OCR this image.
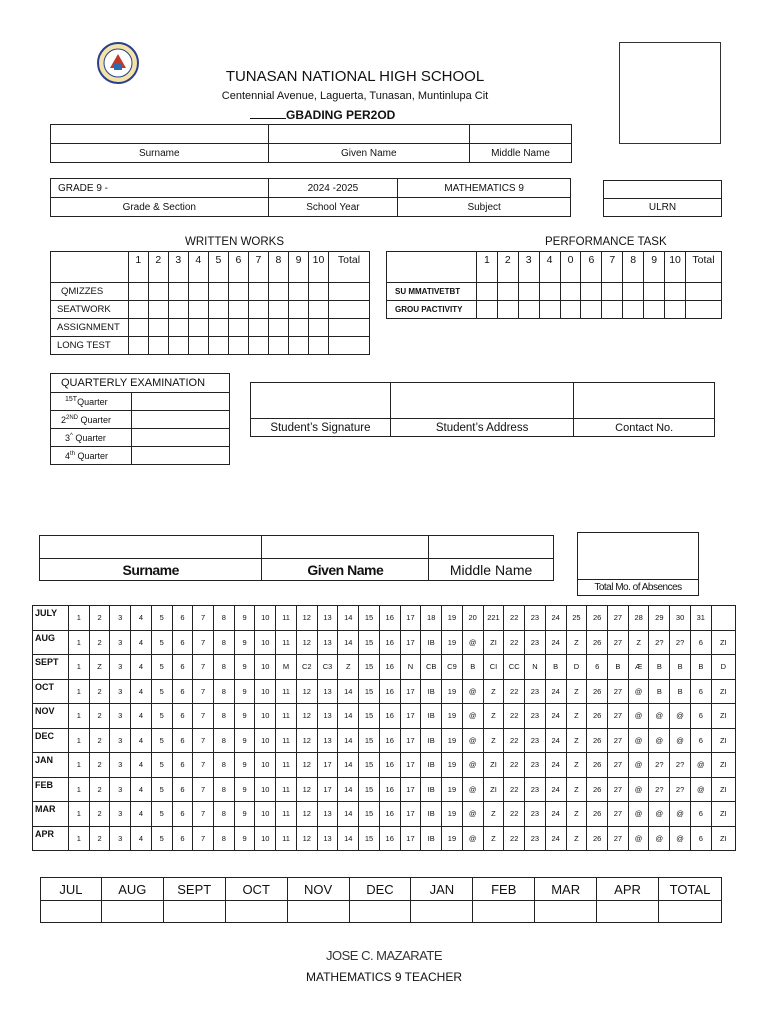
TUNASAN NATIONAL HIGH SCHOOL
Centennial Avenue, Laguerta, Tunasan, Muntinlupa Cit
GBADING PER2OD

Surname	Given Name	Middle Name
GRADE 9 -	2024 -2025	MATHEMATICS 9
Grade & Section	School Year	Subject	ULRN
WRITTEN WORKS
	1	2	3	4	5	6	7	8	9	10	Total
QMIZZES											
SEATWORK											
ASSIGNMENT											
LONG TEST											
PERFORMANCE TASK
	1	2	3	4	0	6	7	8	9	10	Total
SU MMATIVETBT											
GROU PACTIVITY											
QUARTERLY EXAMINATION	
$^{15T}$Quarter	
$2^{2ND}$ Quarter	
3^ Quarter	
4th Quarter	

Student’s Signature	Student’s Address	Contact No.

Surname	Given Name	Middle Name
Total Mo. of Absences
JULY	1	2	3	4	5	6	7	8	9	10	11	12	13	14	15	16	17	18	19	20	221	22	23	24	25	26	27	28	29	30	31	
AUG	1	2	3	4	5	6	7	8	9	10	11	12	13	14	15	16	17	IB	19	@	ZI	22	23	24	Z	26	27	Z	2?	2?	6	ZI
SEPT	1	Z	3	4	5	6	7	8	9	10	M	C2	C3	Z	15	16	N	CB	C9	B	CI	CC	N	B	D	6	B	Æ	B	B	B	D
OCT	1	2	3	4	5	6	7	8	9	10	11	12	13	14	15	16	17	IB	19	@	Z	22	23	24	Z	26	27	@	B	B	6	ZI
NOV	1	2	3	4	5	6	7	8	9	10	11	12	13	14	15	16	17	IB	19	@	Z	22	23	24	Z	26	27	@	@	@	6	ZI
DEC	1	2	3	4	5	6	7	8	9	10	11	12	13	14	15	16	17	IB	19	@	Z	22	23	24	Z	26	27	@	@	@	6	ZI
JAN	1	2	3	4	5	6	7	8	9	10	11	12	17	14	15	16	17	IB	19	@	ZI	22	23	24	Z	26	27	@	2?	2?	@	ZI
FEB	1	2	3	4	5	6	7	8	9	10	11	12	17	14	15	16	17	IB	19	@	ZI	22	23	24	Z	26	27	@	2?	2?	@	ZI
MAR	1	2	3	4	5	6	7	8	9	10	11	12	13	14	15	16	17	IB	19	@	Z	22	23	24	Z	26	27	@	@	@	6	ZI
APR	1	2	3	4	5	6	7	8	9	10	11	12	13	14	15	16	17	IB	19	@	Z	22	23	24	Z	26	27	@	@	@	6	ZI
JUL	AUG	SEPT	OCT	NOV	DEC	JAN	FEB	MAR	APR	TOTAL

JOSE C. MAZARATE
MATHEMATICS 9 TEACHER
